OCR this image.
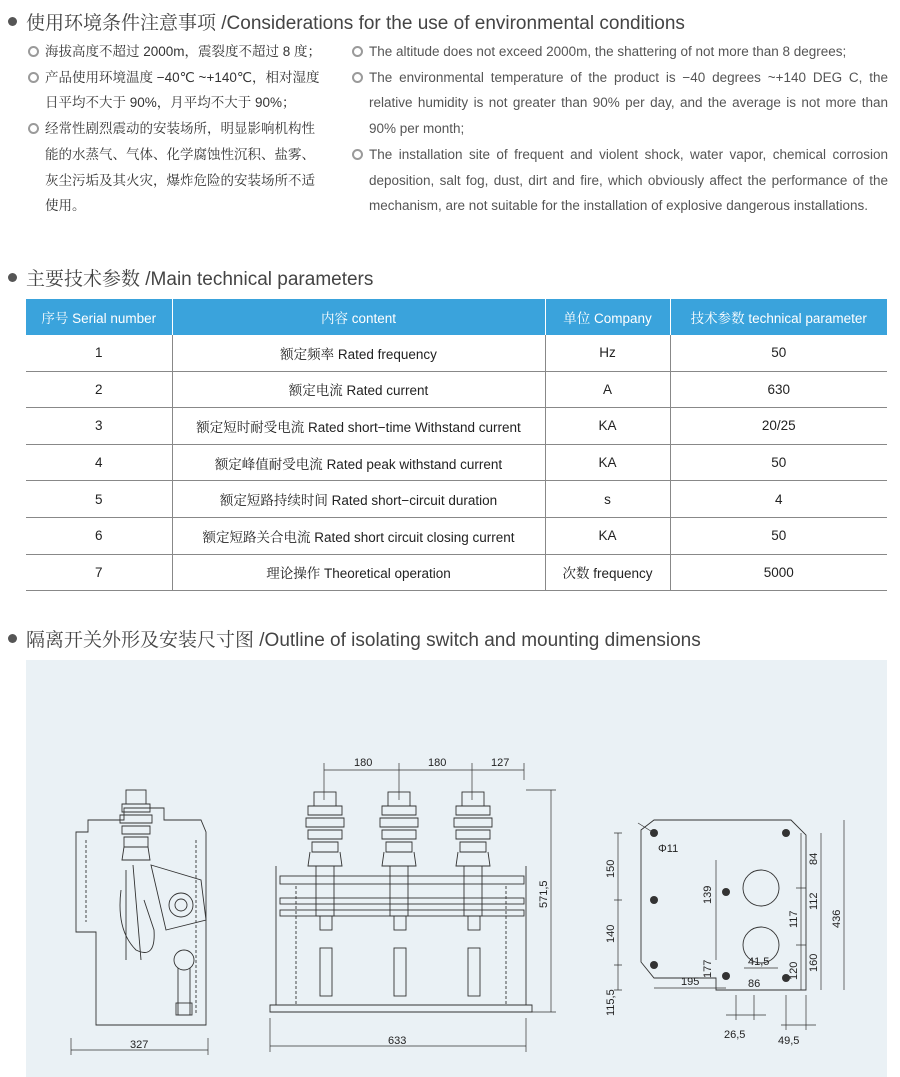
使用环境条件注意事项 /Considerations for the use of environmental conditions
海拔高度不超过 2000m，震裂度不超过 8 度；
产品使用环境温度 −40℃ ~+140℃，相对湿度日平均不大于 90%，月平均不大于 90%；
经常性剧烈震动的安装场所，明显影响机构性能的水蒸气、气体、化学腐蚀性沉积、盐雾、灰尘污垢及其火灾，爆炸危险的安装场所不适使用。
The altitude does not exceed 2000m, the shattering of not more than 8 degrees;
The environmental temperature of the product is −40 degrees ~+140 DEG C, the relative humidity is not greater than 90% per day, and the average is not more than 90% per month;
The installation site of frequent and violent shock, water vapor, chemical corrosion deposition, salt fog, dust, dirt and fire, which obviously affect the performance of the mechanism, are not suitable for the installation of explosive dangerous installations.
主要技术参数 /Main technical parameters
序号 Serial number	内容 content	单位 Company	技术参数 technical parameter
1	额定频率 Rated frequency	Hz	50
2	额定电流 Rated current	A	630
3	额定短时耐受电流 Rated short−time Withstand current	KA	20/25
4	额定峰值耐受电流 Rated peak withstand current	KA	50
5	额定短路持续时间 Rated short−circuit duration	s	4
6	额定短路关合电流 Rated short circuit closing current	KA	50
7	理论操作 Theoretical operation	次数 frequency	5000
隔离开关外形及安装尺寸图 /Outline of isolating switch and mounting dimensions
327
180	180	127
571,5
633
Φ11
150
140
115,5
139
177	41,5
195	86
84
112
117	436
160
120
26,5	49,5
